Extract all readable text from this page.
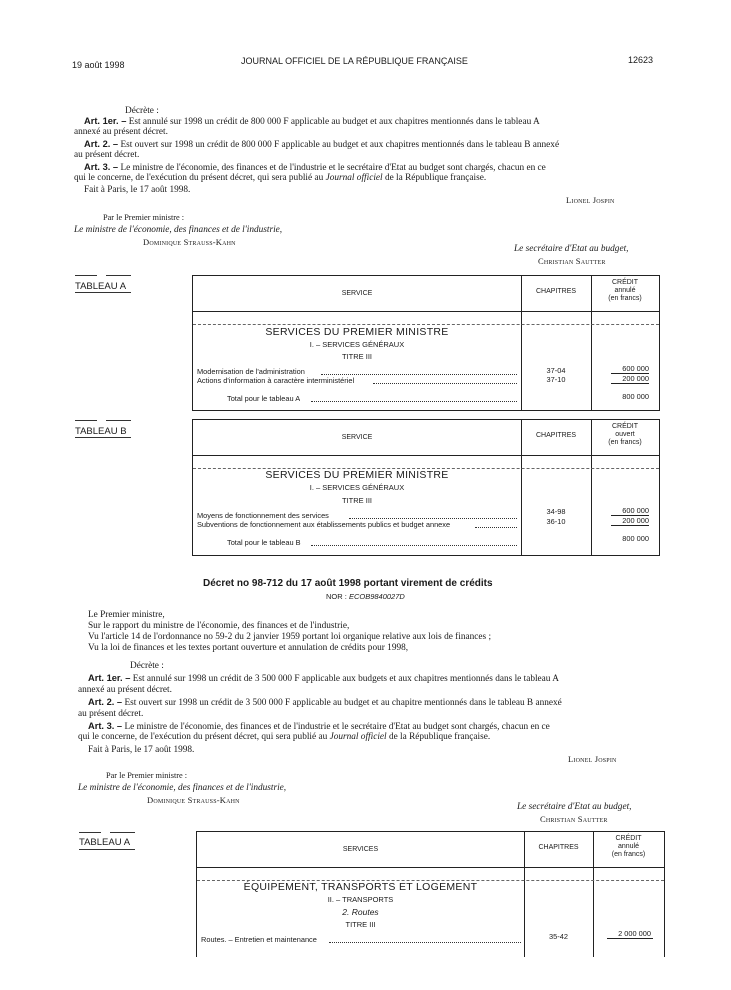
19 août 1998	JOURNAL OFFICIEL DE LA RÉPUBLIQUE FRANÇAISE	12623
Décrète :
Art. 1er. – Est annulé sur 1998 un crédit de 800 000 F applicable au budget et aux chapitres mentionnés dans le tableau A
annexé au présent décret.
Art. 2. – Est ouvert sur 1998 un crédit de 800 000 F applicable au budget et aux chapitres mentionnés dans le tableau B annexé
au présent décret.
Art. 3. – Le ministre de l'économie, des finances et de l'industrie et le secrétaire d'Etat au budget sont chargés, chacun en ce
qui le concerne, de l'exécution du présent décret, qui sera publié au Journal officiel de la République française.
Fait à Paris, le 17 août 1998.
Lionel Jospin
Par le Premier ministre :
Le ministre de l'économie, des finances et de l'industrie,
Dominique Strauss-Kahn
Le secrétaire d'Etat au budget,
Christian Sautter
TABLEAU A
SERVICE	CHAPITRES
CRÉDIT
annulé
(en francs)
SERVICES DU PREMIER MINISTRE
I. – SERVICES GÉNÉRAUX
TITRE III
Modernisation de l'administration	37-04	600 000
Actions d'information à caractère interministériel	37-10	200 000
Total pour le tableau A	800 000
TABLEAU B
SERVICE	CHAPITRES
CRÉDIT
ouvert
(en francs)
SERVICES DU PREMIER MINISTRE
I. – SERVICES GÉNÉRAUX
TITRE III
Moyens de fonctionnement des services	34-98	600 000
Subventions de fonctionnement aux établissements publics et budget annexe	36-10	200 000
Total pour le tableau B	800 000
Décret no 98-712 du 17 août 1998 portant virement de crédits
NOR : ECOB9840027D
Le Premier ministre,
Sur le rapport du ministre de l'économie, des finances et de l'industrie,
Vu l'article 14 de l'ordonnance no 59-2 du 2 janvier 1959 portant loi organique relative aux lois de finances ;
Vu la loi de finances et les textes portant ouverture et annulation de crédits pour 1998,
Décrète :
Art. 1er. – Est annulé sur 1998 un crédit de 3 500 000 F applicable aux budgets et aux chapitres mentionnés dans le tableau A
annexé au présent décret.
Art. 2. – Est ouvert sur 1998 un crédit de 3 500 000 F applicable au budget et au chapitre mentionnés dans le tableau B annexé
au présent décret.
Art. 3. – Le ministre de l'économie, des finances et de l'industrie et le secrétaire d'Etat au budget sont chargés, chacun en ce
qui le concerne, de l'exécution du présent décret, qui sera publié au Journal officiel de la République française.
Fait à Paris, le 17 août 1998.
Lionel Jospin
Par le Premier ministre :
Le ministre de l'économie, des finances et de l'industrie,
Dominique Strauss-Kahn
Le secrétaire d'Etat au budget,
Christian Sautter
TABLEAU A
SERVICES	CHAPITRES
CRÉDIT
annulé
(en francs)
ÉQUIPEMENT, TRANSPORTS ET LOGEMENT
II. – TRANSPORTS
2. Routes
TITRE III
Routes. – Entretien et maintenance	35-42	2 000 000
